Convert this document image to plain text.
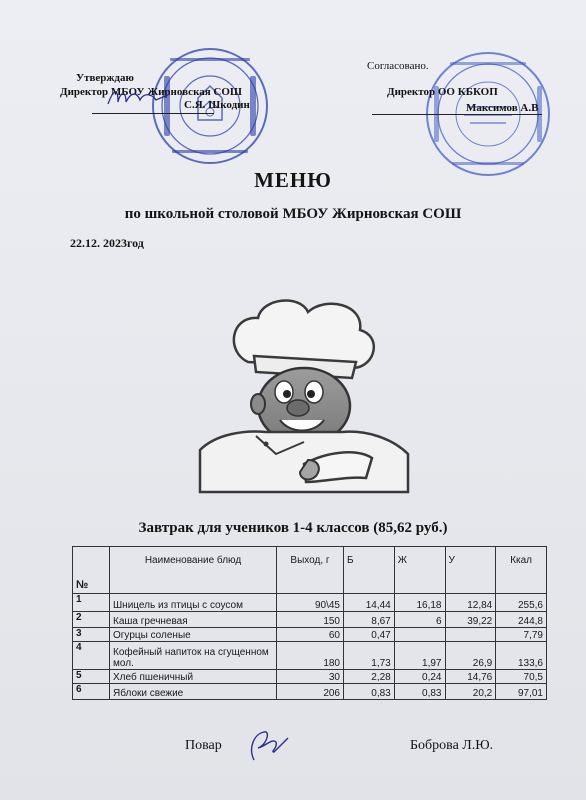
Утверждаю
Директор МБОУ Жирновская СОШ
С.Я. Шкодин
Согласовано.
Директор ОО КБКОП
Максимов А.В
МЕНЮ
по школьной столовой МБОУ Жирновская СОШ
22.12. 2023год
Завтрак для учеников 1-4 классов (85,62 руб.)
№	Наименование блюд	Выход, г	Б	Ж	У	Ккал
1	Шницель из птицы с соусом	90\45	14,44	16,18	12,84	255,6
2	Каша гречневая	150	8,67	6	39,22	244,8
3	Огурцы соленые	60	0,47			7,79
4	Кофейный напиток на сгущенном мол.	180	1,73	1,97	26,9	133,6
5	Хлеб пшеничный	30	2,28	0,24	14,76	70,5
6	Яблоки свежие	206	0,83	0,83	20,2	97,01
Повар	Боброва Л.Ю.
